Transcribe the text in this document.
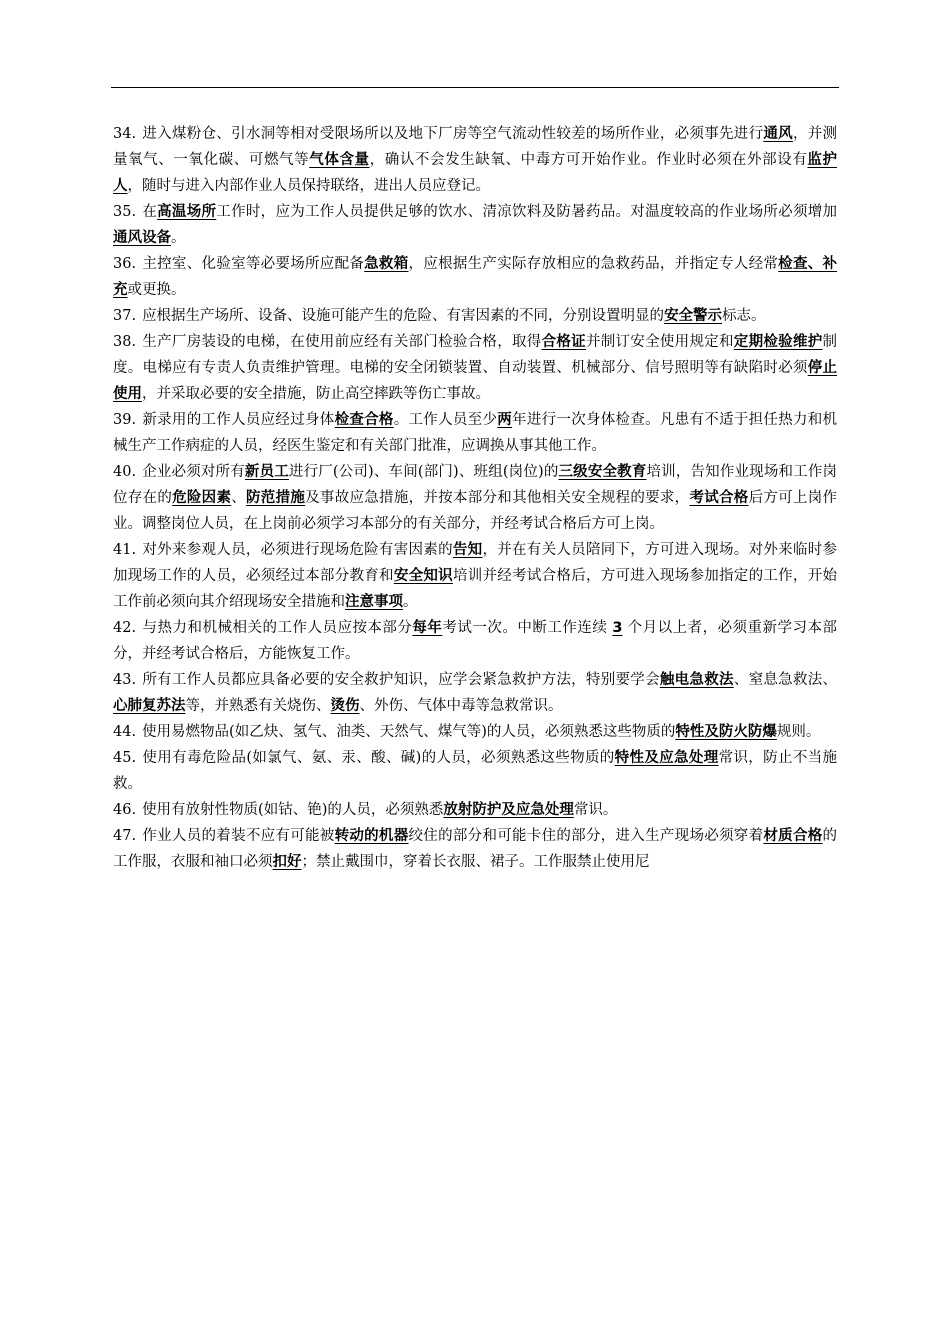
34. 进入煤粉仓、引水洞等相对受限场所以及地下厂房等空气流动性较差的场所作业，必须事先进行通风，并测量氧气、一氧化碳、可燃气等气体含量，确认不会发生缺氧、中毒方可开始作业。作业时必须在外部设有监护人，随时与进入内部作业人员保持联络，进出人员应登记。

35. 在高温场所工作时，应为工作人员提供足够的饮水、清凉饮料及防暑药品。对温度较高的作业场所必须增加通风设备。

36. 主控室、化验室等必要场所应配备急救箱，应根据生产实际存放相应的急救药品，并指定专人经常检查、补充或更换。

37. 应根据生产场所、设备、设施可能产生的危险、有害因素的不同，分别设置明显的安全警示标志。

38. 生产厂房装设的电梯，在使用前应经有关部门检验合格，取得合格证并制订安全使用规定和定期检验维护制度。电梯应有专责人负责维护管理。电梯的安全闭锁装置、自动装置、机械部分、信号照明等有缺陷时必须停止使用，并采取必要的安全措施，防止高空摔跌等伤亡事故。

39. 新录用的工作人员应经过身体检查合格。工作人员至少两年进行一次身体检查。凡患有不适于担任热力和机械生产工作病症的人员，经医生鉴定和有关部门批准，应调换从事其他工作。

40. 企业必须对所有新员工进行厂(公司)、车间(部门)、班组(岗位)的三级安全教育培训，告知作业现场和工作岗位存在的危险因素、防范措施及事故应急措施，并按本部分和其他相关安全规程的要求，考试合格后方可上岗作业。调整岗位人员，在上岗前必须学习本部分的有关部分，并经考试合格后方可上岗。

41. 对外来参观人员，必须进行现场危险有害因素的告知，并在有关人员陪同下，方可进入现场。对外来临时参加现场工作的人员，必须经过本部分教育和安全知识培训并经考试合格后，方可进入现场参加指定的工作，开始工作前必须向其介绍现场安全措施和注意事项。

42. 与热力和机械相关的工作人员应按本部分每年考试一次。中断工作连续 3 个月以上者，必须重新学习本部分，并经考试合格后，方能恢复工作。

43. 所有工作人员都应具备必要的安全救护知识，应学会紧急救护方法，特别要学会触电急救法、窒息急救法、心肺复苏法等，并熟悉有关烧伤、烫伤、外伤、气体中毒等急救常识。

44. 使用易燃物品(如乙炔、氢气、油类、天然气、煤气等)的人员，必须熟悉这些物质的特性及防火防爆规则。

45. 使用有毒危险品(如氯气、氨、汞、酸、碱)的人员，必须熟悉这些物质的特性及应急处理常识，防止不当施救。

46. 使用有放射性物质(如钴、铯)的人员，必须熟悉放射防护及应急处理常识。

47. 作业人员的着装不应有可能被转动的机器绞住的部分和可能卡住的部分，进入生产现场必须穿着材质合格的工作服，衣服和袖口必须扣好；禁止戴围巾，穿着长衣服、裙子。工作服禁止使用尼
